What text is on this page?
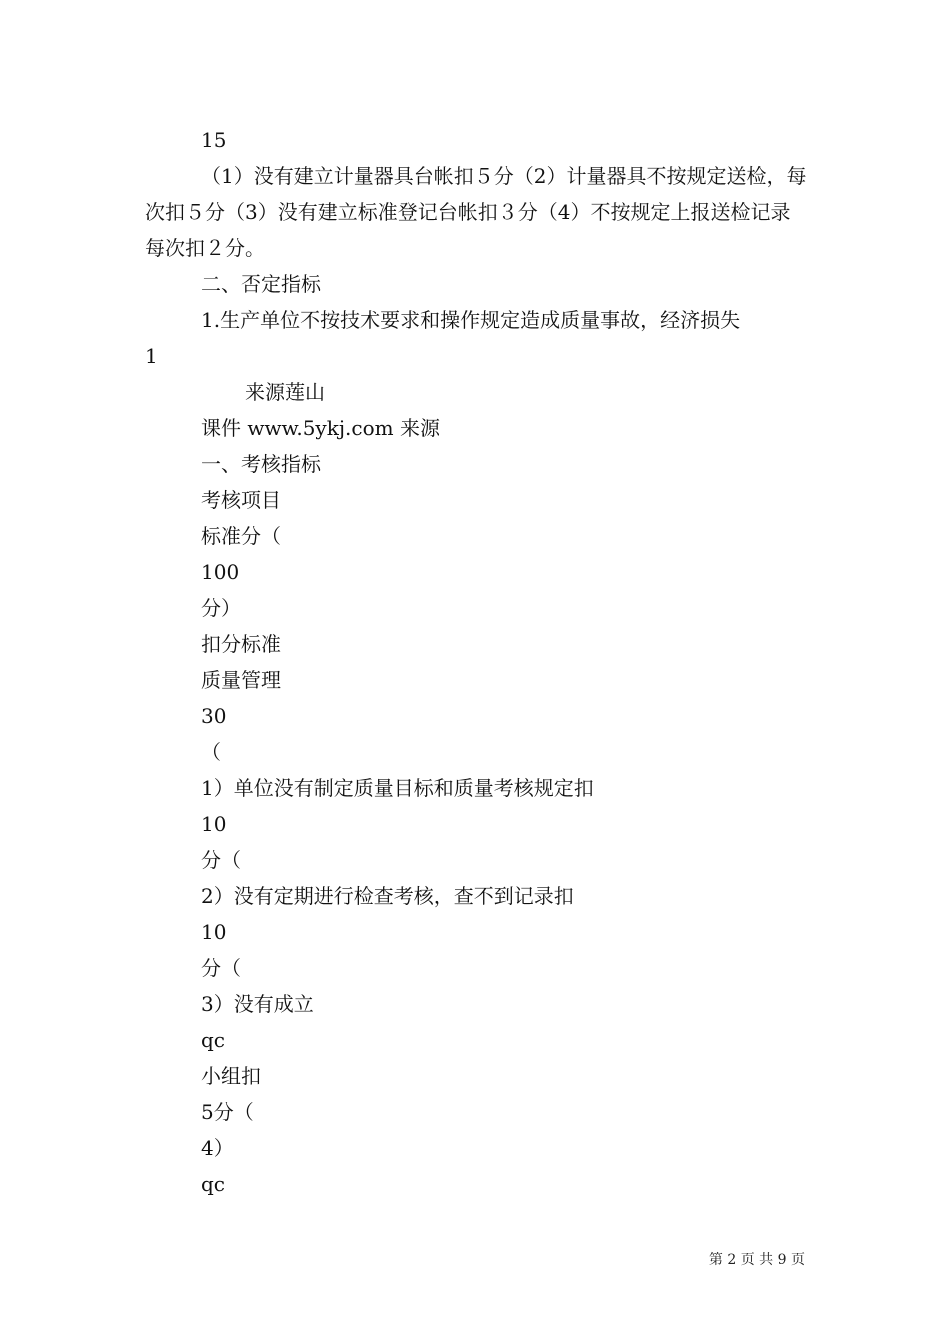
15

（1）没有建立计量器具台帐扣５分（2）计量器具不按规定送检，每次扣５分（3）没有建立标准登记台帐扣３分（4）不按规定上报送检记录每次扣２分。

二、否定指标

1.生产单位不按技术要求和操作规定造成质量事故，经济损失

1

来源莲山

课件 www.5ykj.com 来源

一、考核指标
考核项目
标准分（
100
分）
扣分标准
质量管理
30
（
1）单位没有制定质量目标和质量考核规定扣
10
分（
2）没有定期进行检查考核，查不到记录扣
10
分（
3）没有成立
qc
小组扣
5分（
4）
qc
第 2 页 共 9 页
